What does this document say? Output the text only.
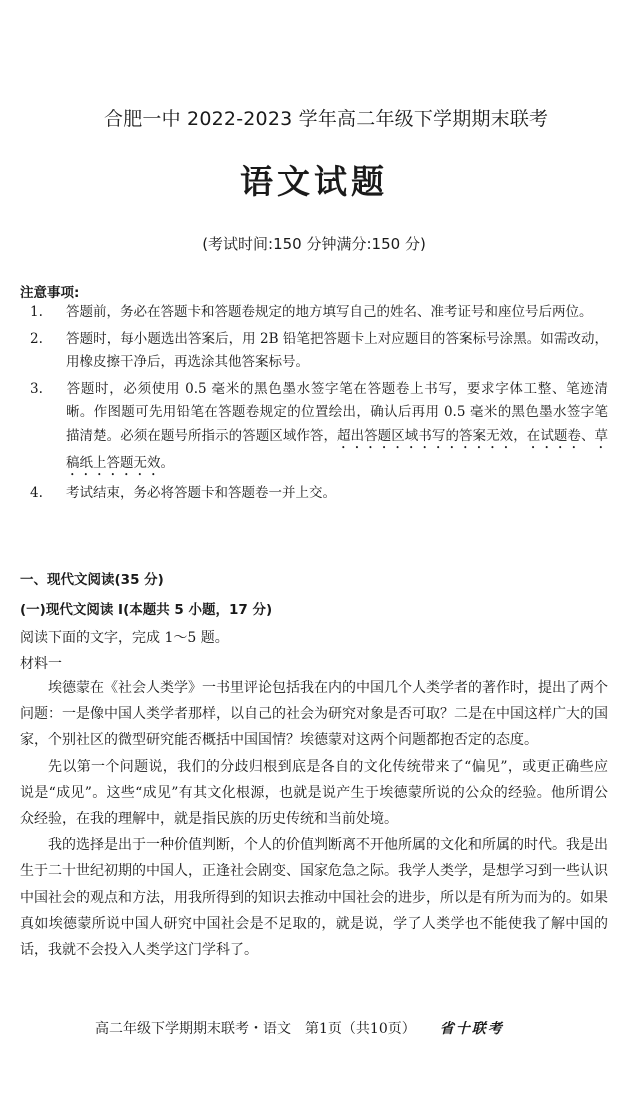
合肥一中 2022-2023 学年高二年级下学期期末联考
语文试题
(考试时间:150 分钟满分:150 分)
注意事项:
1. 答题前，务必在答题卡和答题卷规定的地方填写自己的姓名、准考证号和座位号后两位。
2. 答题时，每小题选出答案后，用 2B 铅笔把答题卡上对应题目的答案标号涂黑。如需改动，用橡皮擦干净后，再选涂其他答案标号。
3. 答题时，必须使用 0.5 毫米的黑色墨水签字笔在答题卷上书写，要求字体工整、笔迹清晰。作图题可先用铅笔在答题卷规定的位置绘出，确认后再用 0.5 毫米的黑色墨水签字笔描清楚。必须在题号所指示的答题区域作答，超出答题区域书写的答案无效，在试题卷、草稿纸上答题无效。
4. 考试结束，务必将答题卡和答题卷一并上交。
一、现代文阅读(35 分)
(一)现代文阅读 I(本题共 5 小题，17 分)
阅读下面的文字，完成 1～5 题。
材料一

埃德蒙在《社会人类学》一书里评论包括我在内的中国几个人类学者的著作时，提出了两个问题：一是像中国人类学者那样，以自己的社会为研究对象是否可取？二是在中国这样广大的国家，个别社区的微型研究能否概括中国国情？埃德蒙对这两个问题都抱否定的态度。

先以第一个问题说，我们的分歧归根到底是各自的文化传统带来了“偏见”，或更正确些应说是“成见”。这些“成见”有其文化根源，也就是说产生于埃德蒙所说的公众的经验。他所谓公众经验，在我的理解中，就是指民族的历史传统和当前处境。

我的选择是出于一种价值判断，个人的价值判断离不开他所属的文化和所属的时代。我是出生于二十世纪初期的中国人，正逢社会剧变、国家危急之际。我学人类学，是想学习到一些认识中国社会的观点和方法，用我所得到的知识去推动中国社会的进步，所以是有所为而为的。如果真如埃德蒙所说中国人研究中国社会是不足取的，就是说，学了人类学也不能使我了解中国的话，我就不会投入人类学这门学科了。

高二年级下学期期末联考・语文　第1页（共10页） 省十联考
